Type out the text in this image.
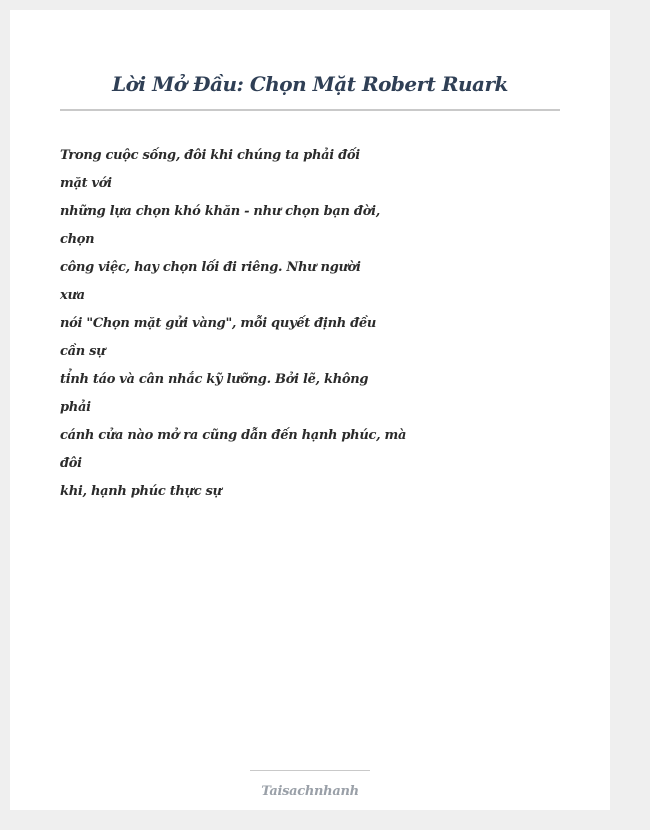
Lời Mở Đầu: Chọn Mặt Robert Ruark
Trong cuộc sống, đôi khi chúng ta phải đối
mặt với
những lựa chọn khó khăn - như chọn bạn đời,
chọn
công việc, hay chọn lối đi riêng. Như người
xưa
nói "Chọn mặt gửi vàng", mỗi quyết định đều
cần sự
tỉnh táo và cân nhắc kỹ lưỡng. Bởi lẽ, không
phải
cánh cửa nào mở ra cũng dẫn đến hạnh phúc, mà
đôi
khi, hạnh phúc thực sự
Taisachnhanh
